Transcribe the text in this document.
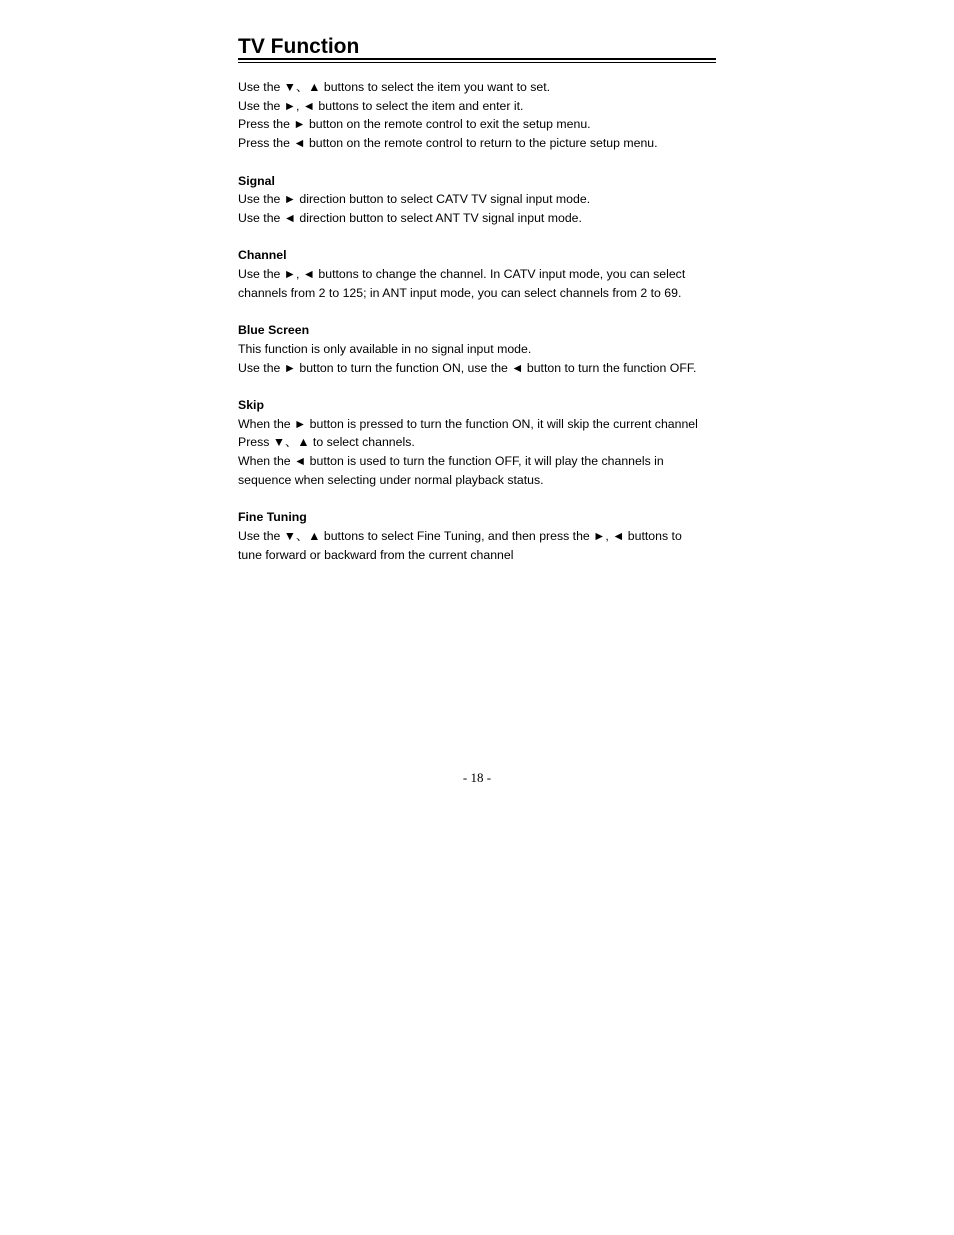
TV Function
Use the ▼、▲ buttons to select the item you want to set.
Use the ►, ◄ buttons to select the item and enter it.
Press the ► button on the remote control to exit the setup menu.
Press the ◄ button on the remote control to return to the picture setup menu.
Signal
Use the ► direction button to select CATV TV signal input mode.
Use the ◄ direction button to select ANT TV signal input mode.
Channel
Use the ►, ◄ buttons to change the channel. In CATV input mode, you can select
channels from 2 to 125; in ANT input mode, you can select channels from 2 to 69.
Blue Screen
This function is only available in no signal input mode.
Use the ► button to turn the function ON, use the ◄ button to turn the function OFF.
Skip
When the ► button is pressed to turn the function ON, it will skip the current channel
Press ▼、▲ to select channels.
When the ◄ button is used to turn the function OFF, it will play the channels in
sequence when selecting under normal playback status.
Fine Tuning
Use the ▼、▲ buttons to select Fine Tuning, and then press the ►, ◄ buttons to
tune forward or backward from the current channel
- 18 -
